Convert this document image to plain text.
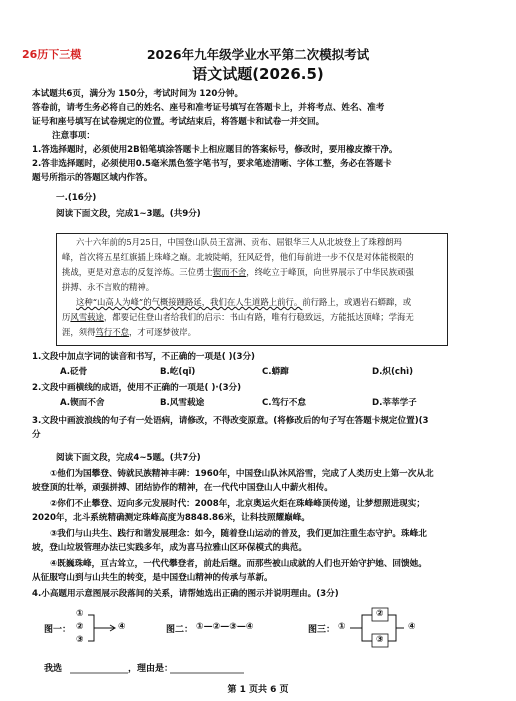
26历下三模	2026年九年级学业水平第二次模拟考试
语文试题(2026.5)
本试题共6页，满分为 150分，考试时间为 120分钟。
答卷前，请考生务必将自己的姓名、座号和准考证号填写在答题卡上，并将考点、姓名、准考
证号和座号填写在试卷规定的位置。考试结束后，将答题卡和试卷一并交回。
注意事项：
1.答选择题时，必须使用2B铅笔填涂答题卡上相应题目的答案标号，修改时，要用橡皮擦干净。
2.答非选择题时，必须使用0.5毫米黑色签字笔书写，要求笔迹清晰、字体工整，务必在答题卡
题号所指示的答题区域内作答。
一.(16分)
阅读下面文段，完成1~3题。(共9分)
六十六年前的5月25日，中国登山队员王富洲、贡布、屈银华三人从北坡登上了珠穆朗玛
峰，首次将五星红旗插上珠峰之巅。北坡陡峭，狂风砭骨，他们每前进一步不仅是对体能极限的
挑战，更是对意志的反复淬炼。三位勇士锲而不舍，终屹立于峰顶，向世界展示了中华民族顽强
拼搏、永不言败的精神。
这种“山高人为峰”的气概接踵路延，我们在人生道路上前行。前行路上，或遇岩石蟒蹿，或
历风雪载途，都要记住登山者给我们的启示：书山有路，唯有行稳致远，方能抵达顶峰；学海无
涯，须得笃行不怠，才可逐梦彼岸。
1.文段中加点字词的读音和书写，不正确的一项是( )(3分)
A.砭骨	B.屹(qǐ)	C.蟒蹿	D.炽(chì)
2.文段中画横线的成语，使用不正确的一项是( )·(3分)
A.锲而不舍	B.风雪载途	C.笃行不怠	D.莘莘学子
3.文段中画波浪线的句子有一处语病，请修改，不得改变原意。(将修改后的句子写在答题卡规定位置)(3
分
阅读下面文段，完成4~5题。(共7分)
①他们为国攀登、铸就民族精神丰碑：1960年，中国登山队沐风浴雪，完成了人类历史上第一次从北
坡登顶的壮举，顽强拼搏、团结协作的精神，在一代代中国登山人中薪火相传。
②你们不止攀登、迈向多元发展时代：2008年，北京奥运火炬在珠峰峰顶传递，让梦想照进现实；
2020年，北斗系统精确测定珠峰高度为8848.86米，让科技照耀巅峰。
③我们与山共生、践行和谐发展理念：如今，随着登山运动的普及，我们更加注重生态守护。珠峰北
坡，登山垃圾管理办法已实践多年，成为喜马拉雅山区环保模式的典范。
④既巍珠峰，亘古耸立，一代代攀登者，前赴后继。而那些被山成就的人们也开始守护她、回馈她。
从征服穹山到与山共生的转变，是中国登山精神的传承与革新。
4.小高题用示意图展示段落间的关系，请帮她选出正确的图示并说明理由。(3分)
图一：
①
②
③
④	图二： ①—②—③—④	图三： ①
②
③
④
我选	，理由是：
第 1 页共 6 页
